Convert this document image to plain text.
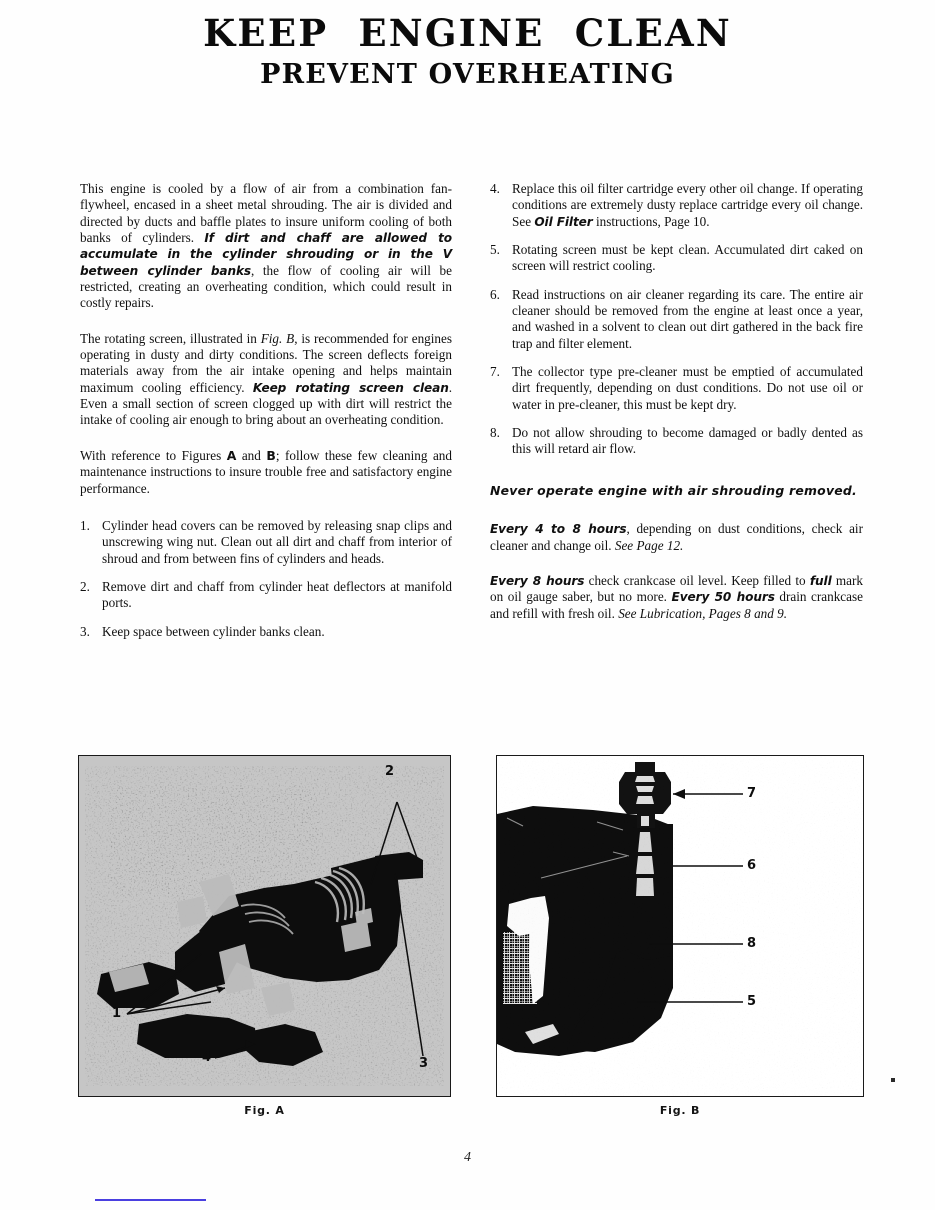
KEEP  ENGINE  CLEAN
PREVENT OVERHEATING

This engine is cooled by a flow of air from a combination fan-flywheel, encased in a sheet metal shrouding. The air is divided and directed by ducts and baffle plates to insure uniform cooling of both banks of cylinders. If dirt and chaff are allowed to accumulate in the cylinder shrouding or in the V between cylinder banks, the flow of cooling air will be restricted, creating an overheating condition, which could result in costly repairs.

The rotating screen, illustrated in Fig. B, is recommended for engines operating in dusty and dirty conditions. The screen deflects foreign materials away from the air intake opening and helps maintain maximum cooling efficiency. Keep rotating screen clean. Even a small section of screen clogged up with dirt will restrict the intake of cooling air enough to bring about an overheating condition.

With reference to Figures A and B; follow these few cleaning and maintenance instructions to insure trouble free and satisfactory engine performance.

1. Cylinder head covers can be removed by releasing snap clips and unscrewing wing nut. Clean out all dirt and chaff from interior of shroud and from between fins of cylinders and heads.
2. Remove dirt and chaff from cylinder heat deflectors at manifold ports.
3. Keep space between cylinder banks clean.
4. Replace this oil filter cartridge every other oil change. If operating conditions are extremely dusty replace cartridge every oil change. See Oil Filter instructions, Page 10.
5. Rotating screen must be kept clean. Accumulated dirt caked on screen will restrict cooling.
6. Read instructions on air cleaner regarding its care. The entire air cleaner should be removed from the engine at least once a year, and washed in a solvent to clean out dirt gathered in the back fire trap and filter element.
7. The collector type pre-cleaner must be emptied of accumulated dirt frequently, depending on dust conditions. Do not use oil or water in pre-cleaner, this must be kept dry.
8. Do not allow shrouding to become damaged or badly dented as this will retard air flow.

Never operate engine with air shrouding removed.

Every 4 to 8 hours, depending on dust conditions, check air cleaner and change oil. See Page 12.

Every 8 hours check crankcase oil level. Keep filled to full mark on oil gauge saber, but no more. Every 50 hours drain crankcase and refill with fresh oil. See Lubrication, Pages 8 and 9.

2
3
1
4
Fig. A
7
6
8
5
Fig. B
4
